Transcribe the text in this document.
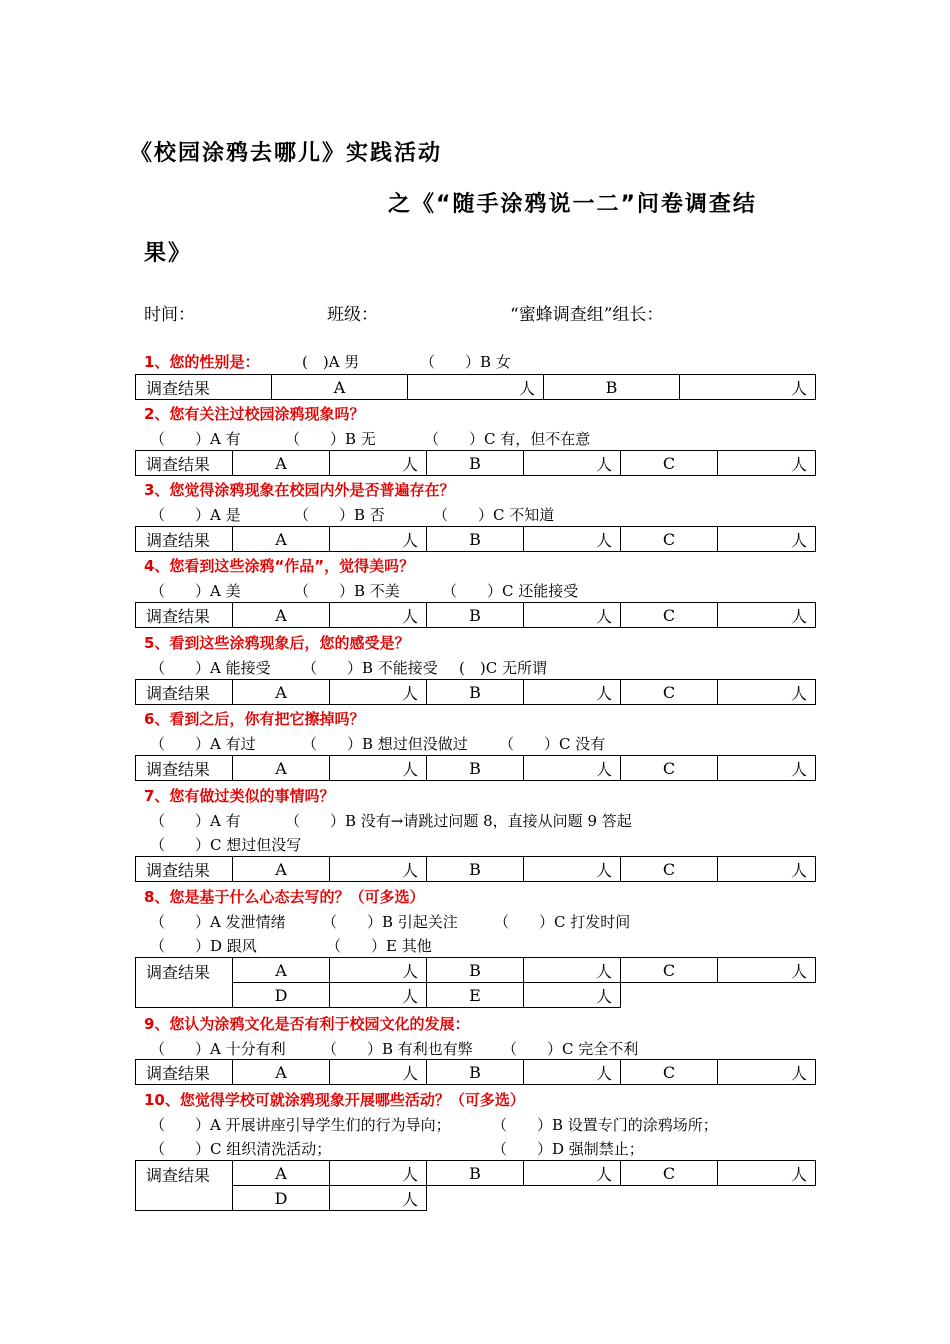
《校园涂鸦去哪儿》实践活动
之《“随手涂鸦说一二”问卷调查结
果》
时间：	班级：	“蜜蜂调查组”组长：
1、您的性别是：	(　)A 男	（　　）B 女
调查结果	A	人	B	人
2、您有关注过校园涂鸦现象吗？
（　　）A 有	（　　）B 无	（　　）C 有，但不在意
调查结果	A	人	B	人	C	人
3、您觉得涂鸦现象在校园内外是否普遍存在？
（　　）A 是	（　　）B 否	（　　）C 不知道
调查结果	A	人	B	人	C	人
4、您看到这些涂鸦“作品”，觉得美吗？
（　　）A 美	（　　）B 不美	（　　）C 还能接受
调查结果	A	人	B	人	C	人
5、看到这些涂鸦现象后，您的感受是？
（　　）A 能接受 （　　）B 不能接受 (　)C 无所谓
调查结果	A	人	B	人	C	人
6、看到之后，你有把它擦掉吗？
（　　）A 有过	（　　）B 想过但没做过 （　　）C 没有
调查结果	A	人	B	人	C	人
7、您有做过类似的事情吗？
（　　）A 有	（　　）B 没有→请跳过问题 8，直接从问题 9 答起
（　　）C 想过但没写
调查结果	A	人	B	人	C	人
8、您是基于什么心态去写的？（可多选）
（　　）A 发泄情绪 （　　）B 引起关注 （　　）C 打发时间
（　　）D 跟风	（　　）E 其他
调查结果	A	人	B	人	C	人
	D	人	E	人		
9、您认为涂鸦文化是否有利于校园文化的发展：
（　　）A 十分有利 （　　）B 有利也有弊 （　　）C 完全不利
调查结果	A	人	B	人	C	人
10、您觉得学校可就涂鸦现象开展哪些活动？（可多选）
（　　）A 开展讲座引导学生们的行为导向；	（　　）B 设置专门的涂鸦场所；
（　　）C 组织清洗活动；	（　　）D 强制禁止；
调查结果	A	人	B	人	C	人
	D	人				
